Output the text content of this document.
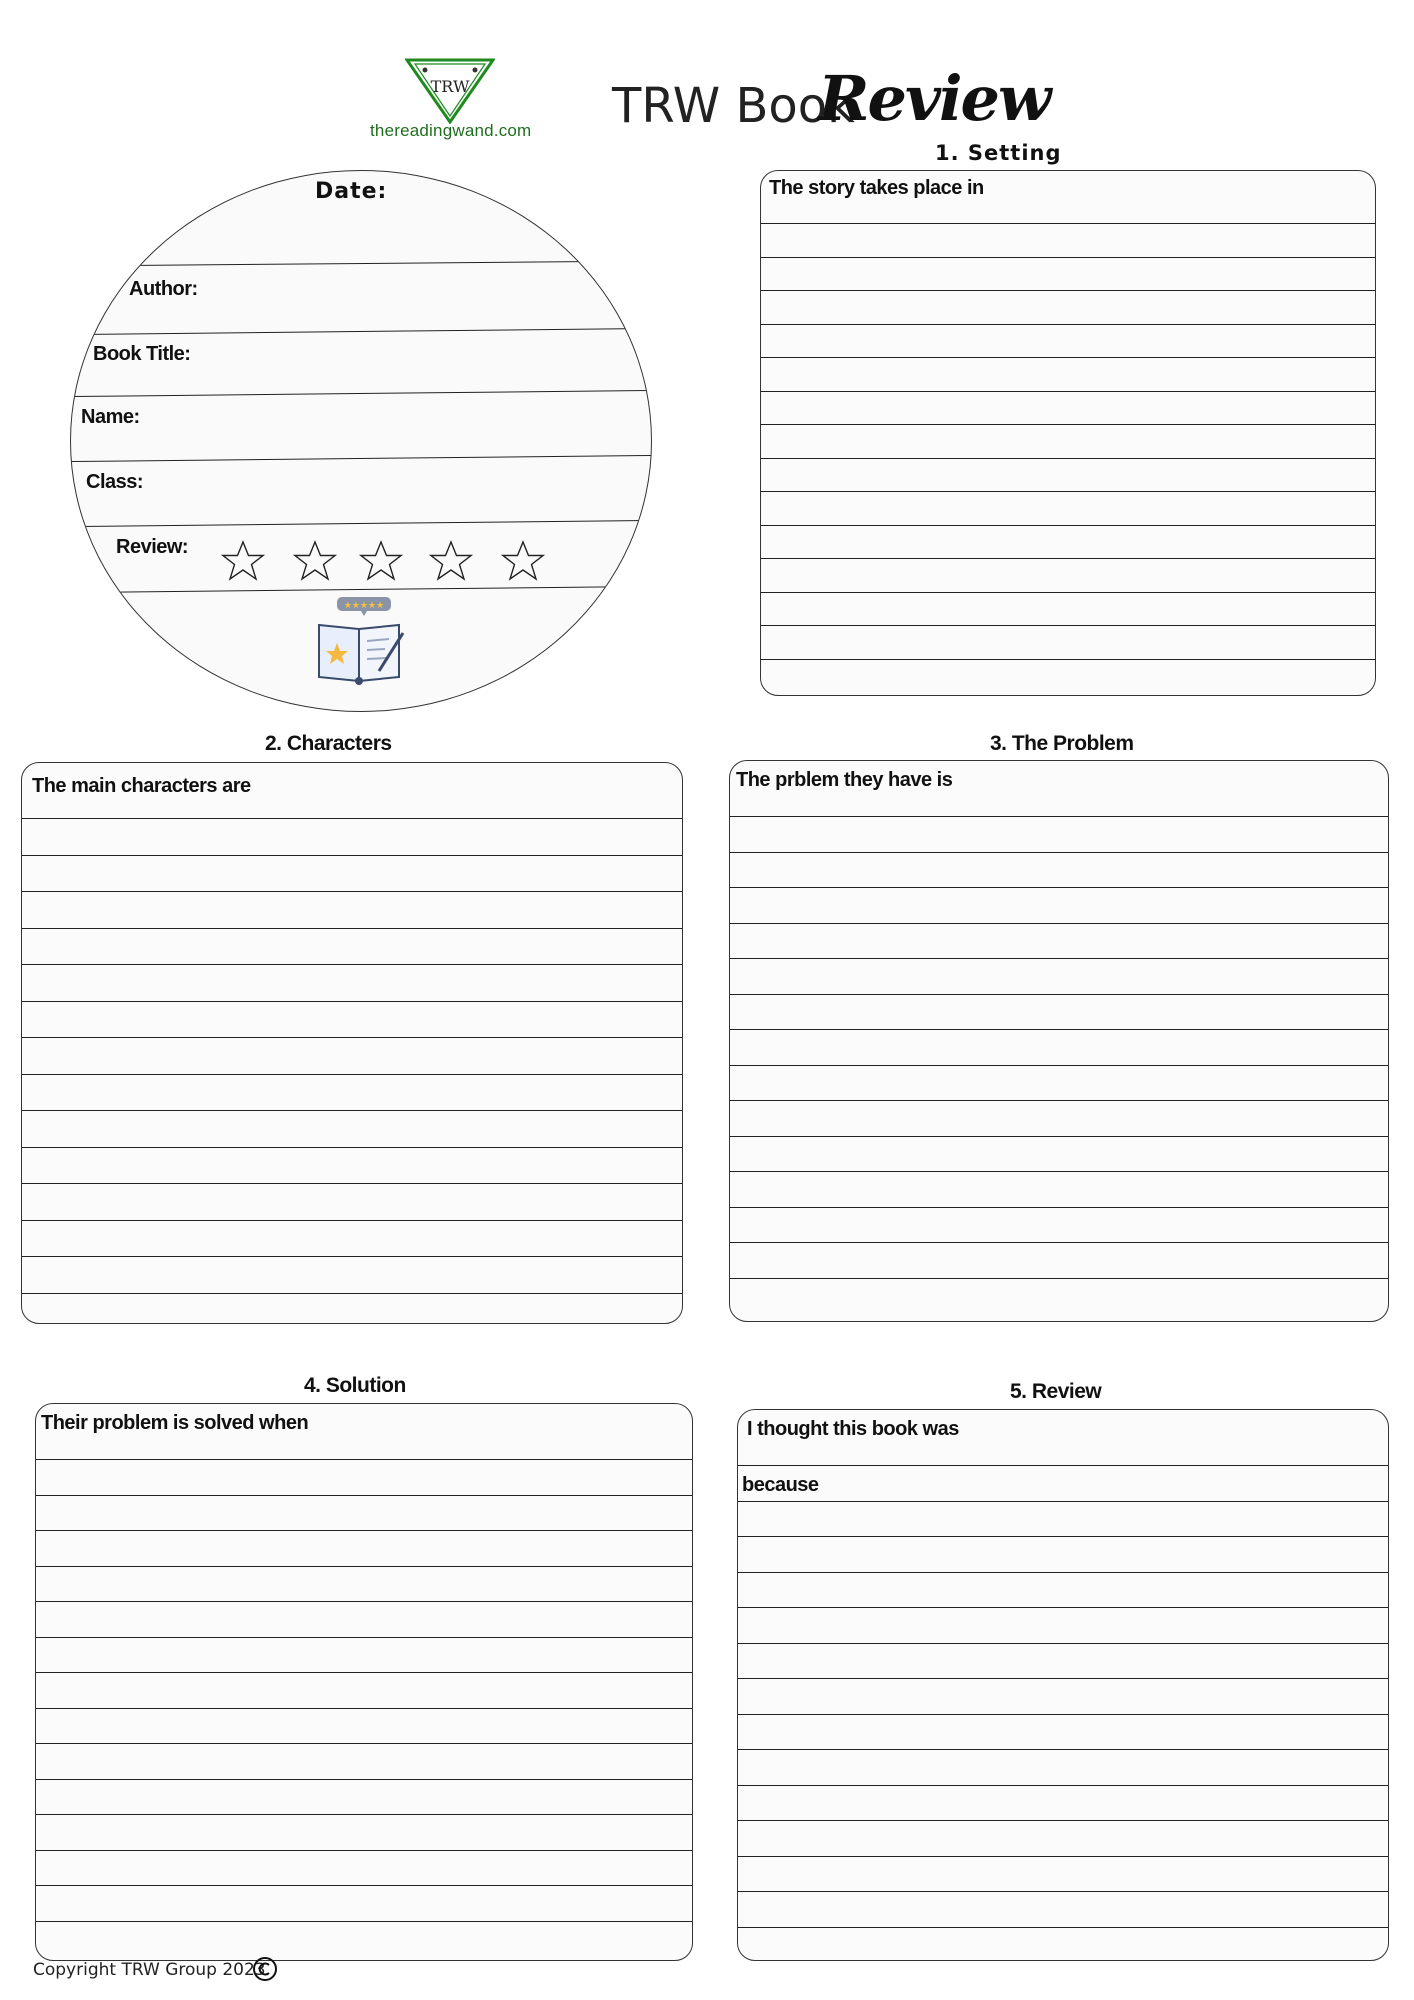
TRW
thereadingwand.com TRW Book
Review
Date:
Author:
Book Title:
Name:
Class:
Review:
★★★★★
1. Setting
2. Characters	3. The Problem
4. Solution	5. Review
The story takes place in
The main characters are	The prblem they have is
Their problem is solved when	I thought this book was
because
Copyright TRW Group 2023
